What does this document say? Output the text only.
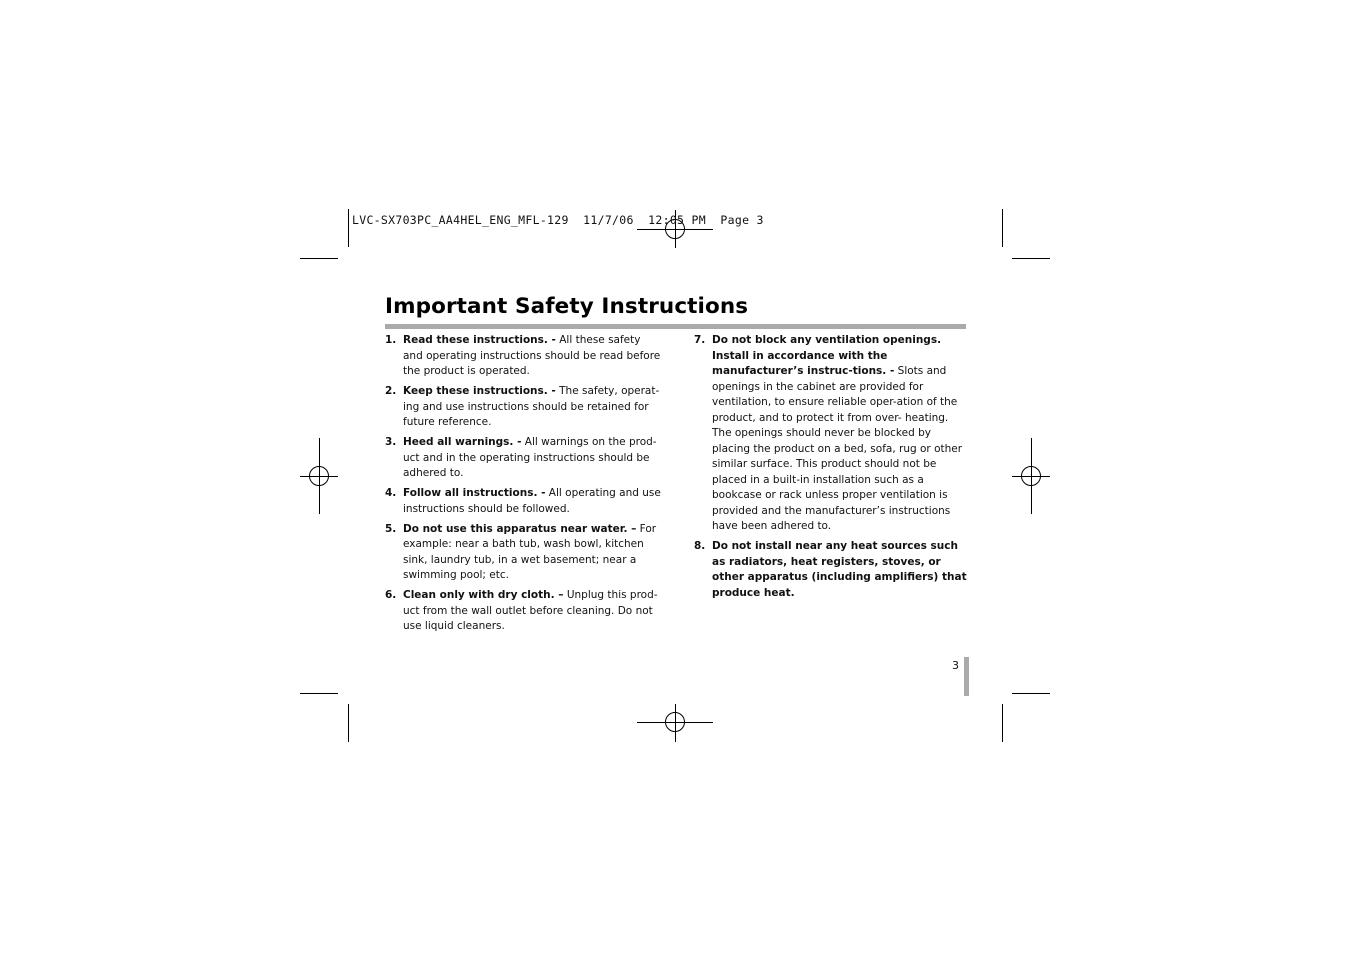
LVC-SX703PC_AA4HEL_ENG_MFL-129  11/7/06  12:05 PM  Page 3
Important Safety Instructions
1. Read these instructions. - All these safety and operating instructions should be read before the product is operated.
2. Keep these instructions. - The safety, operat-ing and use instructions should be retained for future reference.
3. Heed all warnings. - All warnings on the prod-uct and in the operating instructions should be adhered to.
4. Follow all instructions. - All operating and use instructions should be followed.
5. Do not use this apparatus near water. – For example: near a bath tub, wash bowl, kitchen sink, laundry tub, in a wet basement; near a swimming pool; etc.
6. Clean only with dry cloth. – Unplug this prod-uct from the wall outlet before cleaning. Do not use liquid cleaners.
7. Do not block any ventilation openings. Install in accordance with the manufacturer’s instruc-tions. - Slots and openings in the cabinet are provided for ventilation, to ensure reliable oper-ation of the product, and to protect it from over- heating. The openings should never be blocked by placing the product on a bed, sofa, rug or other similar surface. This product should not be placed in a built-in installation such as a bookcase or rack unless proper ventilation is provided and the manufacturer’s instructions have been adhered to.
8. Do not install near any heat sources such as radiators, heat registers, stoves, or other apparatus (including amplifiers) that produce heat.
3
